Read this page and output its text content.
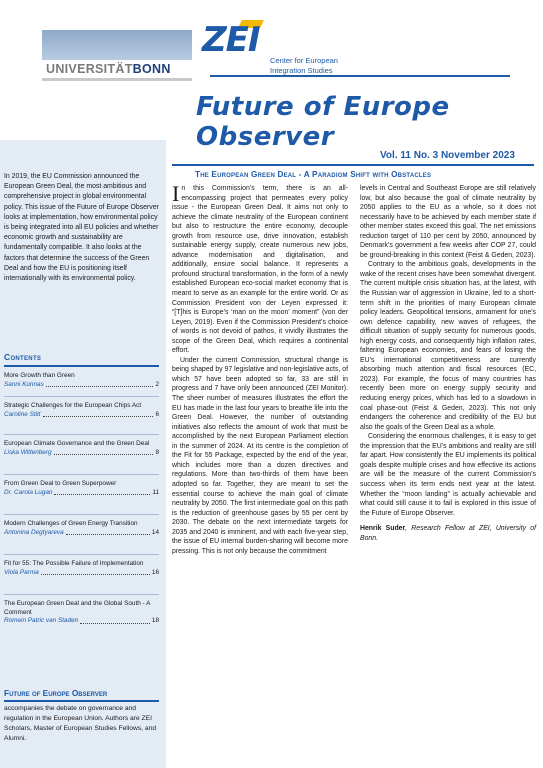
UNIVERSITÄTBONN
ZEI
Center for European
Integration Studies
Future of Europe Observer
In 2019, the EU Commission announced the European Green Deal, the most ambitious and comprehensive project in global environmental policy. This issue of the Future of Europe Observer looks at implementation, how environmental policy is being integrated into all EU policies and whether economic growth and sustainability are fundamentally compatible. It also looks at the factors that determine the success of the Green Deal and how the EU is positioning itself internationally with its environmental policy.
Contents
More Growth than Green
Sanni Kunnas	2
Strategic Challenges for the European Chips Act
Caroline Stitt	6
European Climate Governance and the Green Deal
Liska Wittenberg	8
From Green Deal to Green Superpower
Dr. Carola Lugan	11
Modern Challenges of Green Energy Transition
Antonina Degtyareva	14
Fit for 55: The Possible Failure of Implementation
Viola Parma	16
The European Green Deal and the Global South - A Comment
Romein Patric van Staden	18
Future of Europe Observer
accompanies the debate on governance and regulation in the European Union. Authors are ZEI Scholars, Master of European Studies Fellows, and Alumni.
Vol. 11 No. 3 November 2023
The European Green Deal - A Paradigm Shift with Obstacles

In this Commission’s term, there is an all-encompassing project that permeates every policy issue - the European Green Deal. It aims not only to achieve the climate neutrality of the European continent but also to restructure the entire economy, decouple growth from resource use, drive innovation, establish sustainable energy supply, create numerous new jobs, advance modernisation and digitalisation, and additionally, ensure social balance. It represents a profound structural transformation, in the form of a newly established European eco-social market economy that is meant to serve as an example for the entire world. Or as Commission President von der Leyen expressed it: “[T]his is Europe’s ‘man on the moon’ moment” (von der Leyen, 2019). Even if the Commission President’s choice of words is not devoid of pathos, it vividly illustrates the scope of the Green Deal, which requires a continental effort.

Under the current Commission, structural change is being shaped by 97 legislative and non-legislative acts, of which 57 have been adopted so far, 33 are still in progress and 7 have only been announced (ZEI Monitor). The sheer number of measures illustrates the effort the EU has made in the last four years to breathe life into the Green Deal. However, the number of outstanding initiatives also reflects the amount of work that must be accomplished by the next European Parliament election in the summer of 2024. At its centre is the completion of the Fit for 55 Package, expected by the end of the year, which includes more than a dozen directives and regulations. More than two-thirds of them have been adopted so far. Together, they are meant to set the essential course to achieve the main goal of climate neutrality by 2050. The first intermediate goal on this path is the reduction of greenhouse gases by 55 per cent by 2030. The debate on the next intermediate targets for 2035 and 2040 is imminent, and with each five-year step, the issue of EU internal burden-sharing will become more pressing. This is not only because the commitment

levels in Central and Southeast Europe are still relatively low, but also because the goal of climate neutrality by 2050 applies to the EU as a whole, so it does not necessarily have to be achieved by each member state if other member states exceed this goal. The net emissions reduction target of 110 per cent by 2050, announced by Denmark’s government a few weeks after COP 27, could be ground-breaking in this context (Feist & Geden, 2023).

Contrary to the ambitious goals, developments in the wake of the recent crises have been somewhat divergent. The current multiple crisis situation has, at the latest, with the Russian war of aggression in Ukraine, led to a short-term shift in the priorities of many European climate policy leaders. Geopolitical tensions, armament for one’s own defence capability, new waves of refugees, the difficult situation of supply security for numerous goods, high energy costs, and consequently high inflation rates, faltering European economies, and fears of losing the EU’s international competitiveness are currently absorbing much attention and fiscal resources (EC, 2023). For example, the focus of many countries has recently been more on energy supply security and reducing energy prices, which has led to a slowdown in coal phase-out (Feist & Geden, 2023). This not only endangers the coherence and credibility of the EU but also the goals of the Green Deal as a whole.

Considering the enormous challenges, it is easy to get the impression that the EU’s ambitions and reality are still far apart. How consistently the EU implements its political goals despite multiple crises and how effective its actions are will be the measure of the current Commission’s success when its term ends next year at the latest. Whether the “moon landing” is actually achievable and what could still cause it to fail is explored in this issue of the Future of Europe Observer.

Henrik Suder, Research Fellow at ZEI, University of Bonn.
